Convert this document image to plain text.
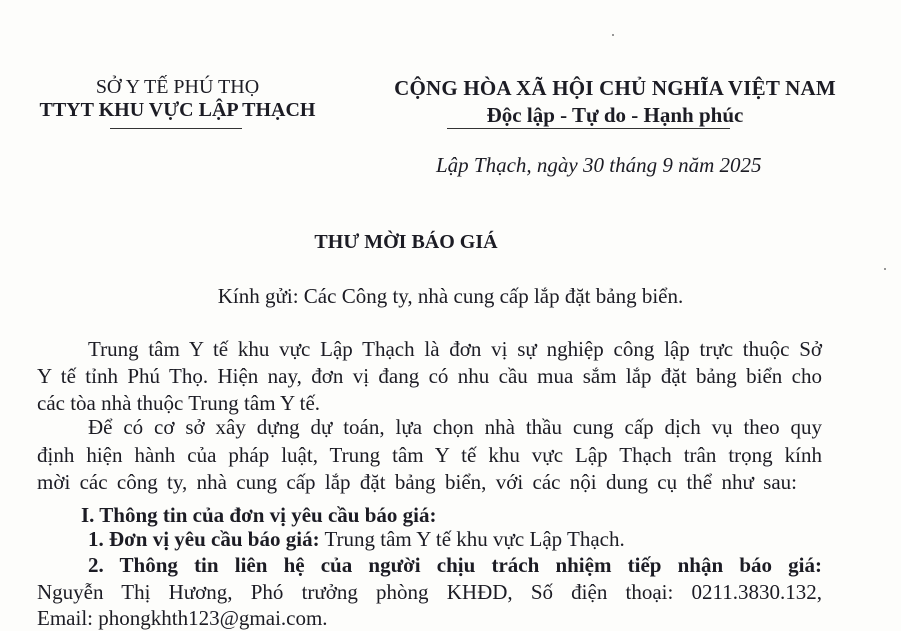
SỞ Y TẾ PHÚ THỌ
TTYT KHU VỰC LẬP THẠCH
CỘNG HÒA XÃ HỘI CHỦ NGHĨA VIỆT NAM
Độc lập - Tự do - Hạnh phúc
Lập Thạch, ngày 30 tháng 9 năm 2025
THƯ MỜI BÁO GIÁ
Kính gửi: Các Công ty, nhà cung cấp lắp đặt bảng biển.
Trung tâm Y tế khu vực Lập Thạch là đơn vị sự nghiệp công lập trực thuộc Sở
Y tế tỉnh Phú Thọ. Hiện nay, đơn vị đang có nhu cầu mua sắm lắp đặt bảng biển cho
các tòa nhà thuộc Trung tâm Y tế.
Để có cơ sở xây dựng dự toán, lựa chọn nhà thầu cung cấp dịch vụ theo quy
định hiện hành của pháp luật, Trung tâm Y tế khu vực Lập Thạch trân trọng kính
mời các công ty, nhà cung cấp lắp đặt bảng biển, với các nội dung cụ thể như sau:
I. Thông tin của đơn vị yêu cầu báo giá:
1. Đơn vị yêu cầu báo giá: Trung tâm Y tế khu vực Lập Thạch.
2. Thông tin liên hệ của người chịu trách nhiệm tiếp nhận báo giá:
Nguyễn Thị Hương, Phó trưởng phòng KHĐD, Số điện thoại: 0211.3830.132,
Email: phongkhth123@gmai.com.
